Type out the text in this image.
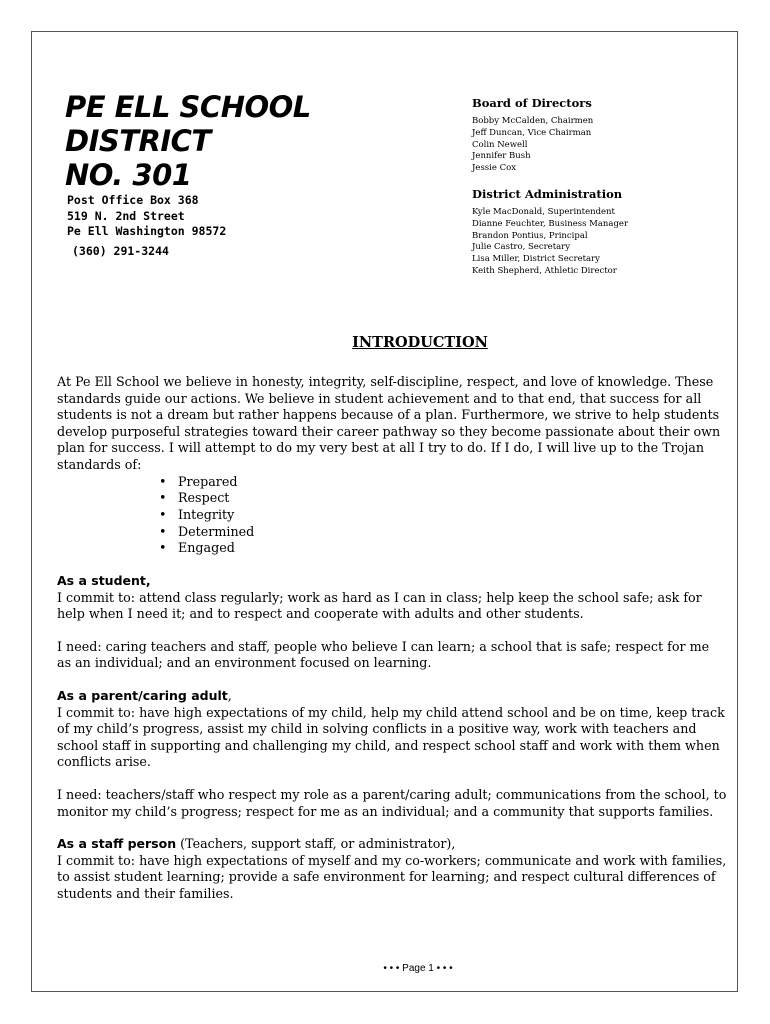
PE ELL SCHOOL
DISTRICT
NO. 301
Post Office Box 368
519 N. 2nd Street
Pe Ell Washington 98572
(360) 291-3244
Board of Directors
Bobby McCalden, Chairmen
Jeff Duncan, Vice Chairman
Colin Newell
Jennifer Bush
Jessie Cox
District Administration
Kyle MacDonald, Superintendent
Dianne Feuchter, Business Manager
Brandon Pontius, Principal
Julie Castro, Secretary
Lisa Miller, District Secretary
Keith Shepherd, Athletic Director
INTRODUCTION

At Pe Ell School we believe in honesty, integrity, self-discipline, respect, and love of knowledge. These standards guide our actions. We believe in student achievement and to that end, that success for all students is not a dream but rather happens because of a plan. Furthermore, we strive to help students develop purposeful strategies toward their career pathway so they become passionate about their own plan for success. I will attempt to do my very best at all I try to do. If I do, I will live up to the Trojan standards of:

• Prepared
• Respect
• Integrity
• Determined
• Engaged

As a student,

I commit to: attend class regularly; work as hard as I can in class; help keep the school safe; ask for help when I need it; and to respect and cooperate with adults and other students.

I need: caring teachers and staff, people who believe I can learn; a school that is safe; respect for me as an individual; and an environment focused on learning.

As a parent/caring adult,

I commit to: have high expectations of my child, help my child attend school and be on time, keep track of my child’s progress, assist my child in solving conflicts in a positive way, work with teachers and school staff in supporting and challenging my child, and respect school staff and work with them when conflicts arise.

I need: teachers/staff who respect my role as a parent/caring adult; communications from the school, to monitor my child’s progress; respect for me as an individual; and a community that supports families.

As a staff person (Teachers, support staff, or administrator),

I commit to: have high expectations of myself and my co-workers; communicate and work with families, to assist student learning; provide a safe environment for learning; and respect cultural differences of students and their families.

• • • Page 1 • • •
